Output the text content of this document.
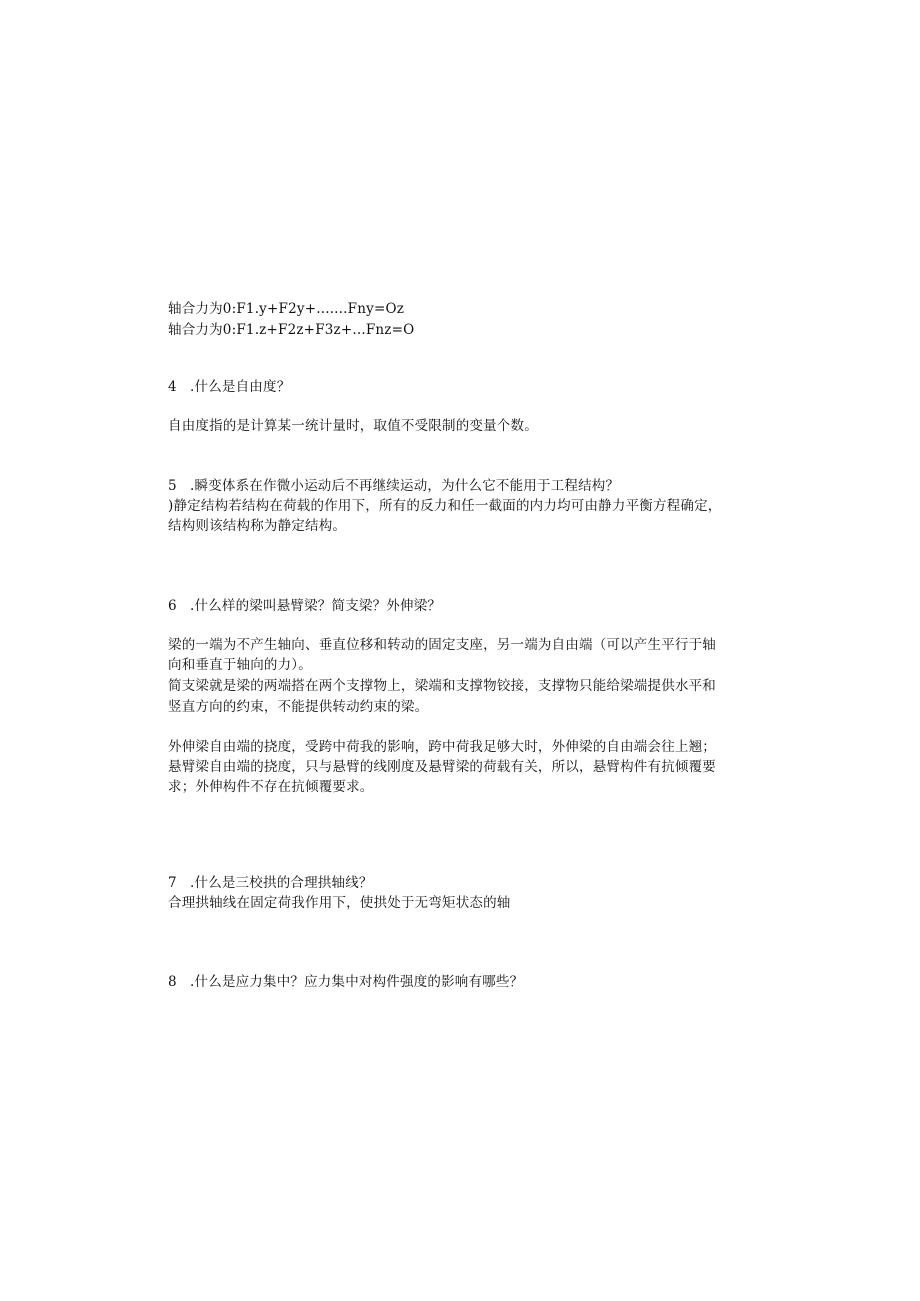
轴合力为0:F1.y+F2y+.......Fny=Oz
轴合力为0:F1.z+F2z+F3z+...Fnz=O
4 .什么是自由度？
自由度指的是计算某一统计量时，取值不受限制的变量个数。
5 .瞬变体系在作微小运动后不再继续运动，为什么它不能用于工程结构？
)静定结构若结构在荷载的作用下，所有的反力和任一截面的内力均可由静力平衡方程确定，
结构则该结构称为静定结构。
6 .什么样的梁叫悬臂梁？简支梁？外伸梁？
梁的一端为不产生轴向、垂直位移和转动的固定支座，另一端为自由端（可以产生平行于轴
向和垂直于轴向的力）。
简支梁就是梁的两端搭在两个支撑物上，梁端和支撑物铰接，支撑物只能给梁端提供水平和
竖直方向的约束，不能提供转动约束的梁。
外伸梁自由端的挠度，受跨中荷我的影响，跨中荷我足够大时，外伸梁的自由端会往上翘；
悬臂梁自由端的挠度，只与悬臂的线刚度及悬臂梁的荷载有关，所以，悬臂构件有抗倾覆要
求；外伸构件不存在抗倾覆要求。
7 .什么是三校拱的合理拱轴线？
合理拱轴线在固定荷我作用下，使拱处于无弯矩状态的轴
8 .什么是应力集中？应力集中对构件强度的影响有哪些？
